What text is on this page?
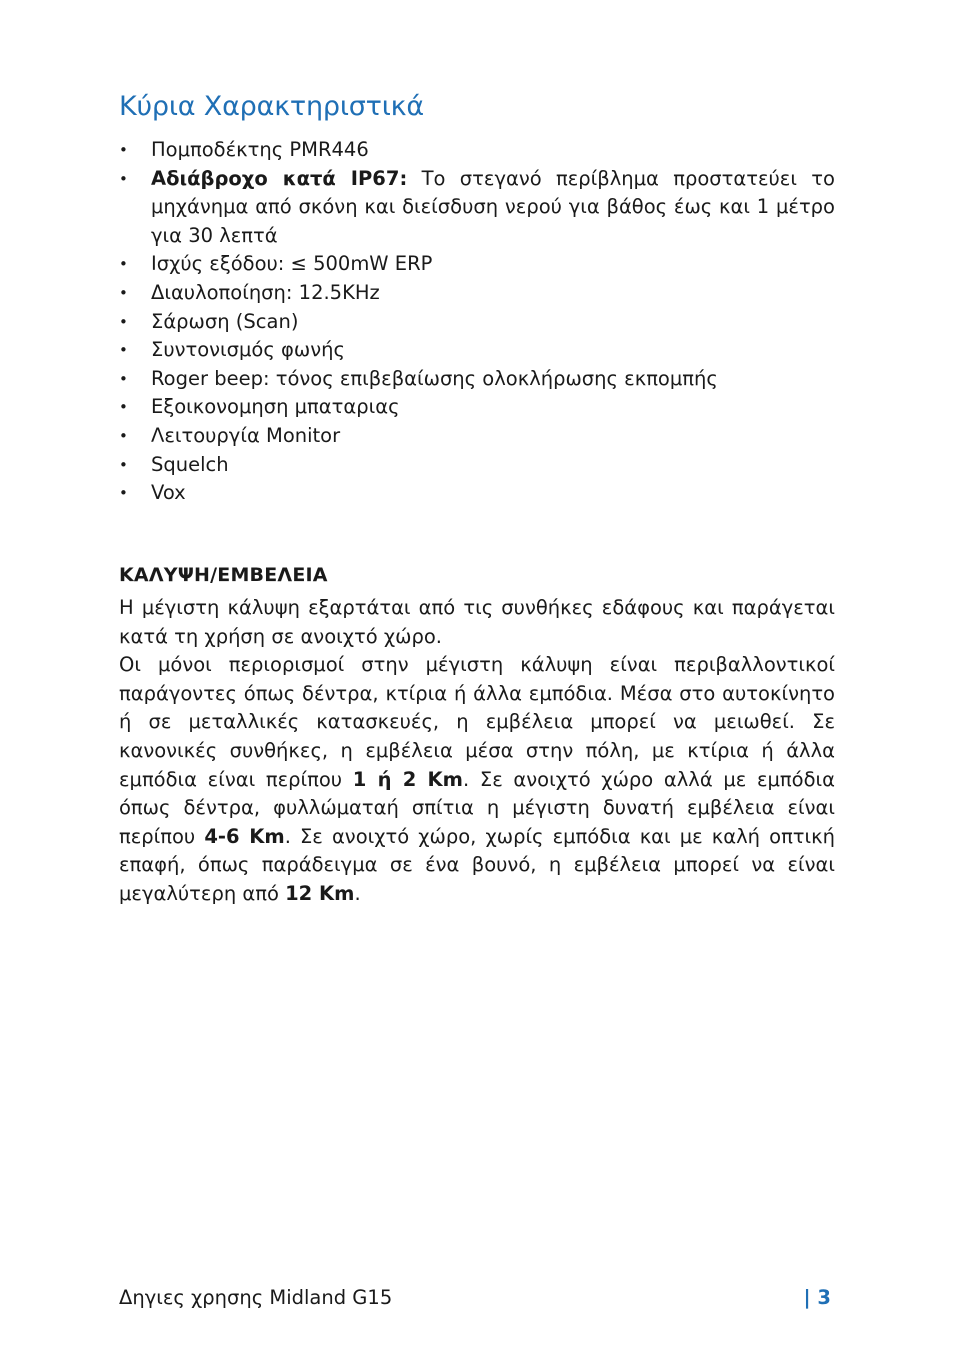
Κύρια Χαρακτηριστικά
• Πομποδέκτης PMR446
• Αδιάβροχο κατά IP67: Το στεγανό περίβλημα προστατεύει το μηχάνημα από σκόνη και διείσδυση νερού για βάθος έως και 1 μέτρο για 30 λεπτά
• Ισχύς εξόδου: ≤ 500mW ERP
• Διαυλοποίηση: 12.5KHz
• Σάρωση (Scan)
• Συντονισμός φωνής
• Roger beep: τόνος επιβεβαίωσης ολοκλήρωσης εκπομπής
• Εξοικονομηση μπαταριας
• Λειτουργία Monitor
• Squelch
• Vox
ΚΑΛΥΨΗ/ΕΜΒΕΛΕΙΑ

Η μέγιστη κάλυψη εξαρτάται από τις συνθήκες εδάφους και παράγεται κατά τη χρήση σε ανοιχτό χώρο.

Οι μόνοι περιορισμοί στην μέγιστη κάλυψη είναι περιβαλλοντικοί παράγοντες όπως δέντρα, κτίρια ή άλλα εμπόδια. Μέσα στο αυτοκίνητο ή σε μεταλλικές κατασκευές, η εμβέλεια μπορεί να μειωθεί. Σε κανονικές συνθήκες, η εμβέλεια μέσα στην πόλη, με κτίρια ή άλλα εμπόδια είναι περίπου 1 ή 2 Km. Σε ανοιχτό χώρο αλλά με εμπόδια όπως δέντρα, φυλλώματαή σπίτια η μέγιστη δυνατή εμβέλεια είναι περίπου 4-6 Km. Σε ανοιχτό χώρο, χωρίς εμπόδια και με καλή οπτική επαφή, όπως παράδειγμα σε ένα βουνό, η εμβέλεια μπορεί να είναι μεγαλύτερη από 12 Km.

Δηγιες χρησης Midland G15	| 3
